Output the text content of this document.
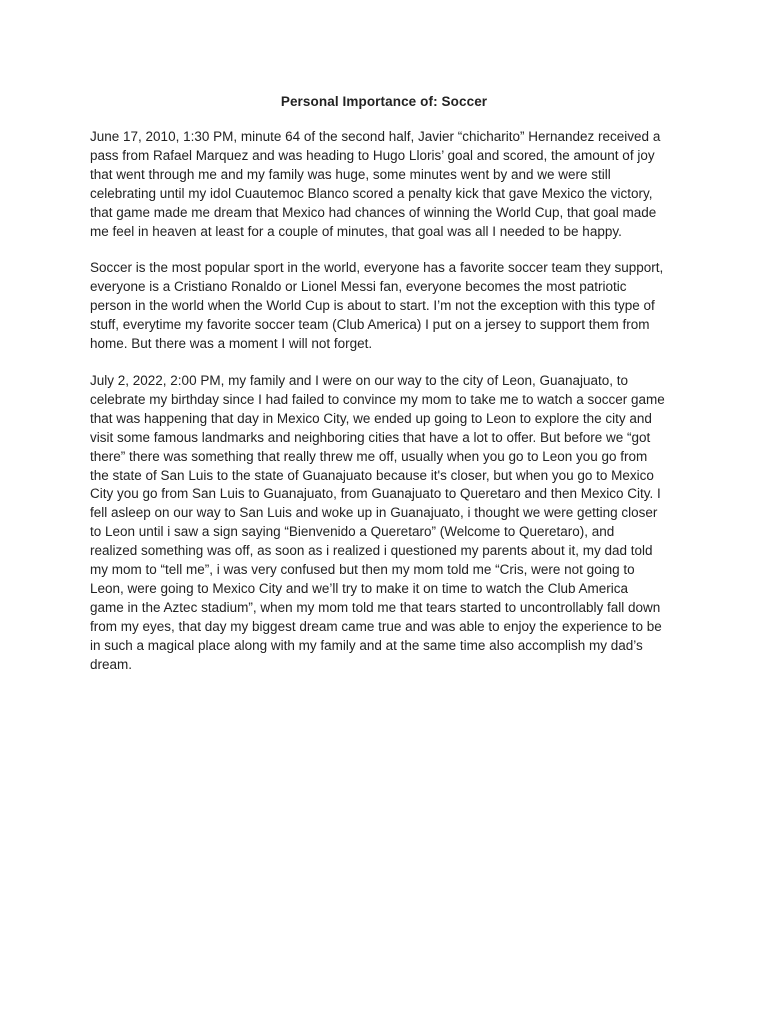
Personal Importance of: Soccer

June 17, 2010, 1:30 PM, minute 64 of the second half, Javier “chicharito” Hernandez received a
pass from Rafael Marquez and was heading to Hugo Lloris’ goal and scored, the amount of joy
that went through me and my family was huge, some minutes went by and we were still
celebrating until my idol Cuautemoc Blanco scored a penalty kick that gave Mexico the victory,
that game made me dream that Mexico had chances of winning the World Cup, that goal made
me feel in heaven at least for a couple of minutes, that goal was all I needed to be happy.

Soccer is the most popular sport in the world, everyone has a favorite soccer team they support,
everyone is a Cristiano Ronaldo or Lionel Messi fan, everyone becomes the most patriotic
person in the world when the World Cup is about to start. I’m not the exception with this type of
stuff, everytime my favorite soccer team (Club America) I put on a jersey to support them from
home. But there was a moment I will not forget.

July 2, 2022, 2:00 PM, my family and I were on our way to the city of Leon, Guanajuato, to
celebrate my birthday since I had failed to convince my mom to take me to watch a soccer game
that was happening that day in Mexico City, we ended up going to Leon to explore the city and
visit some famous landmarks and neighboring cities that have a lot to offer. But before we “got
there” there was something that really threw me off, usually when you go to Leon you go from
the state of San Luis to the state of Guanajuato because it's closer, but when you go to Mexico
City you go from San Luis to Guanajuato, from Guanajuato to Queretaro and then Mexico City. I
fell asleep on our way to San Luis and woke up in Guanajuato, i thought we were getting closer
to Leon until i saw a sign saying “Bienvenido a Queretaro” (Welcome to Queretaro), and
realized something was off, as soon as i realized i questioned my parents about it, my dad told
my mom to “tell me”, i was very confused but then my mom told me “Cris, were not going to
Leon, were going to Mexico City and we’ll try to make it on time to watch the Club America
game in the Aztec stadium”, when my mom told me that tears started to uncontrollably fall down
from my eyes, that day my biggest dream came true and was able to enjoy the experience to be
in such a magical place along with my family and at the same time also accomplish my dad’s
dream.
